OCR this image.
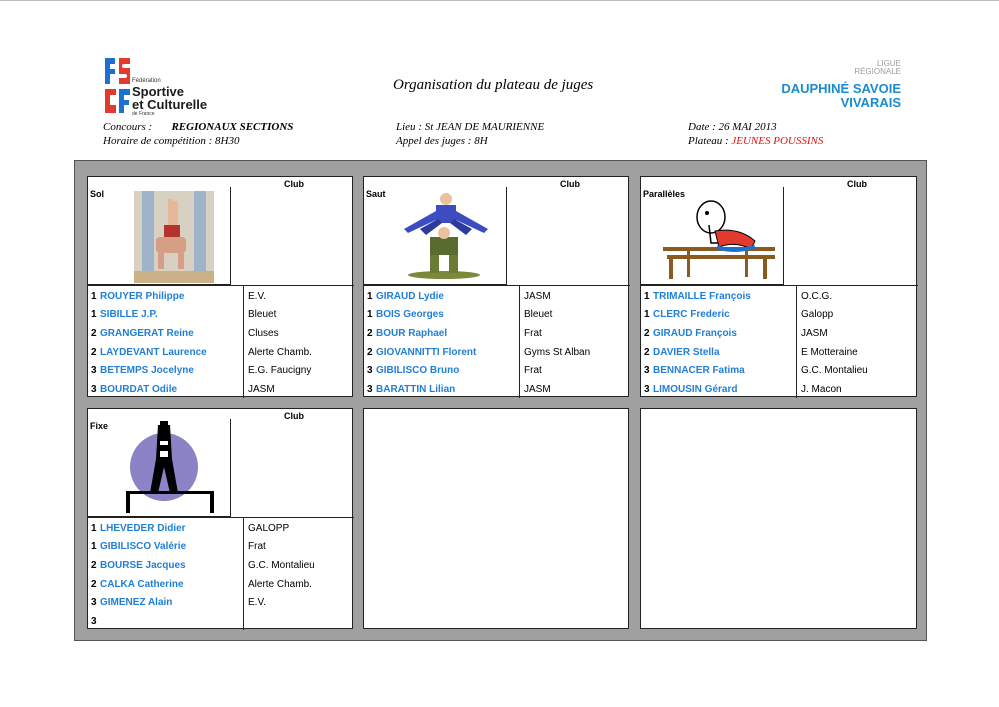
Fédération
Sportive
et Culturelle
de France
Organisation du plateau de juges
LIGUE
RÉGIONALE
DAUPHINÉ SAVOIE
VIVARAIS
Concours : REGIONAUX SECTIONS
Horaire de compétition : 8H30
Lieu : St JEAN DE MAURIENNE
Appel des juges : 8H
Date : 26 MAI 2013
Plateau : JEUNES POUSSINS
Sol
Club
1 ROUYER Philippe	E.V.
1 SIBILLE J.P.	Bleuet
2 GRANGERAT Reine	Cluses
2 LAYDEVANT Laurence	Alerte Chamb.
3 BETEMPS Jocelyne	E.G. Faucigny
3 BOURDAT Odile	JASM
Saut
Club
1 GIRAUD Lydie	JASM
1 BOIS Georges	Bleuet
2 BOUR Raphael	Frat
2 GIOVANNITTI Florent	Gyms St Alban
3 GIBILISCO Bruno	Frat
3 BARATTIN Lilian	JASM
Parallèles
Club
1 TRIMAILLE François	O.C.G.
1 CLERC Frederic	Galopp
2 GIRAUD François	JASM
2 DAVIER Stella	E Motteraine
3 BENNACER Fatima	G.C. Montalieu
3 LIMOUSIN Gérard	J. Macon
Fixe
Club
1 LHEVEDER Didier	GALOPP
1 GIBILISCO Valérie	Frat
2 BOURSE Jacques	G.C. Montalieu
2 CALKA Catherine	Alerte Chamb.
3 GIMENEZ Alain	E.V.
3
